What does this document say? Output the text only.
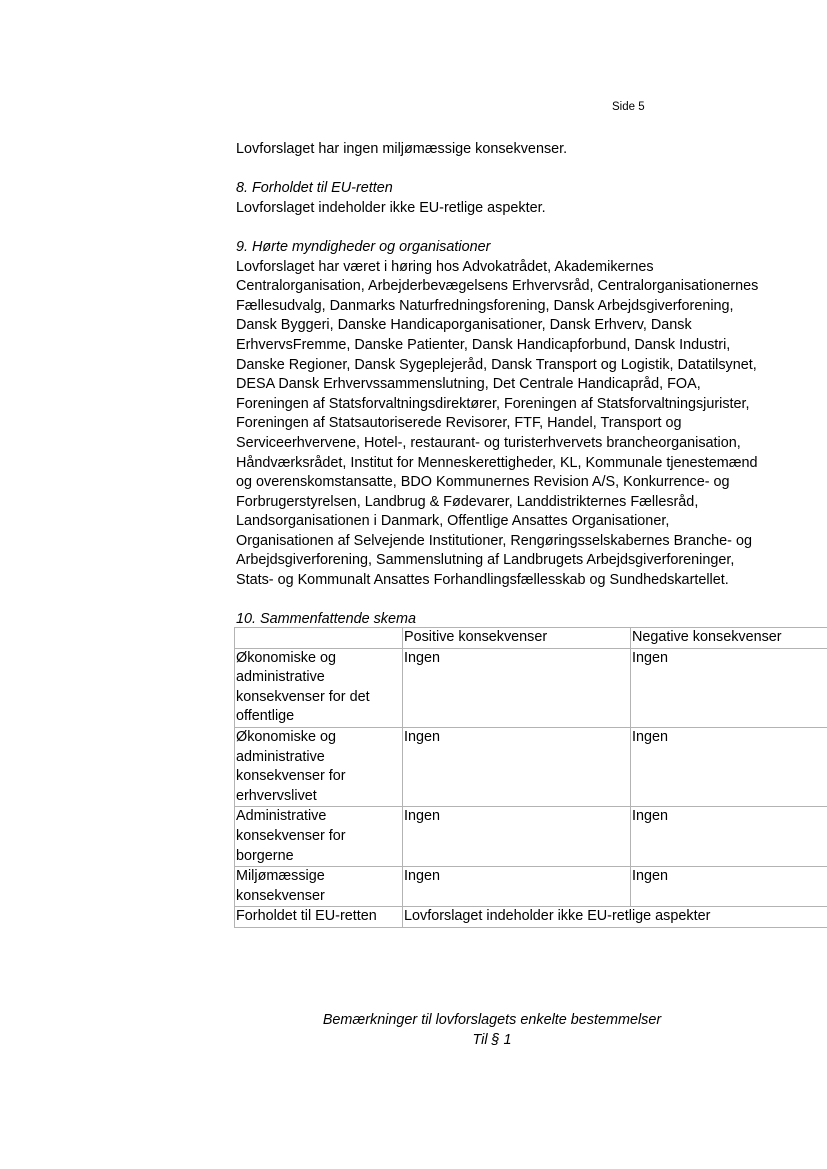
Side 5

Lovforslaget har ingen miljømæssige konsekvenser.

8. Forholdet til EU-retten

Lovforslaget indeholder ikke EU-retlige aspekter.

9. Hørte myndigheder og organisationer

Lovforslaget har været i høring hos Advokatrådet, Akademikernes
Centralorganisation, Arbejderbevægelsens Erhvervsråd, Centralorganisationernes
Fællesudvalg, Danmarks Naturfredningsforening, Dansk Arbejdsgiverforening,
Dansk Byggeri, Danske Handicaporganisationer, Dansk Erhverv, Dansk
ErhvervsFremme, Danske Patienter, Dansk Handicapforbund, Dansk Industri,
Danske Regioner, Dansk Sygeplejeråd, Dansk Transport og Logistik, Datatilsynet,
DESA Dansk Erhvervssammenslutning, Det Centrale Handicapråd, FOA,
Foreningen af Statsforvaltningsdirektører, Foreningen af Statsforvaltningsjurister,
Foreningen af Statsautoriserede Revisorer, FTF, Handel, Transport og
Serviceerhvervene, Hotel-, restaurant- og turisterhvervets brancheorganisation,
Håndværksrådet, Institut for Menneskerettigheder, KL, Kommunale tjenestemænd
og overenskomstansatte, BDO Kommunernes Revision A/S, Konkurrence- og
Forbrugerstyrelsen, Landbrug & Fødevarer, Landdistrikternes Fællesråd,
Landsorganisationen i Danmark, Offentlige Ansattes Organisationer,
Organisationen af Selvejende Institutioner, Rengøringsselskabernes Branche- og
Arbejdsgiverforening, Sammenslutning af Landbrugets Arbejdsgiverforeninger,
Stats- og Kommunalt Ansattes Forhandlingsfællesskab og Sundhedskartellet.

10. Sammenfattende skema

	Positive konsekvenser	Negative konsekvenser

Økonomiske og
administrative
konsekvenser for det
offentlige	Ingen	Ingen

Økonomiske og
administrative
konsekvenser for
erhvervslivet	Ingen	Ingen

Administrative
konsekvenser for borgerne	Ingen	Ingen

Miljømæssige
konsekvenser	Ingen	Ingen

Forholdet til EU-retten	Lovforslaget indeholder ikke EU-retlige aspekter	
Bemærkninger til lovforslagets enkelte bestemmelser
Til § 1
